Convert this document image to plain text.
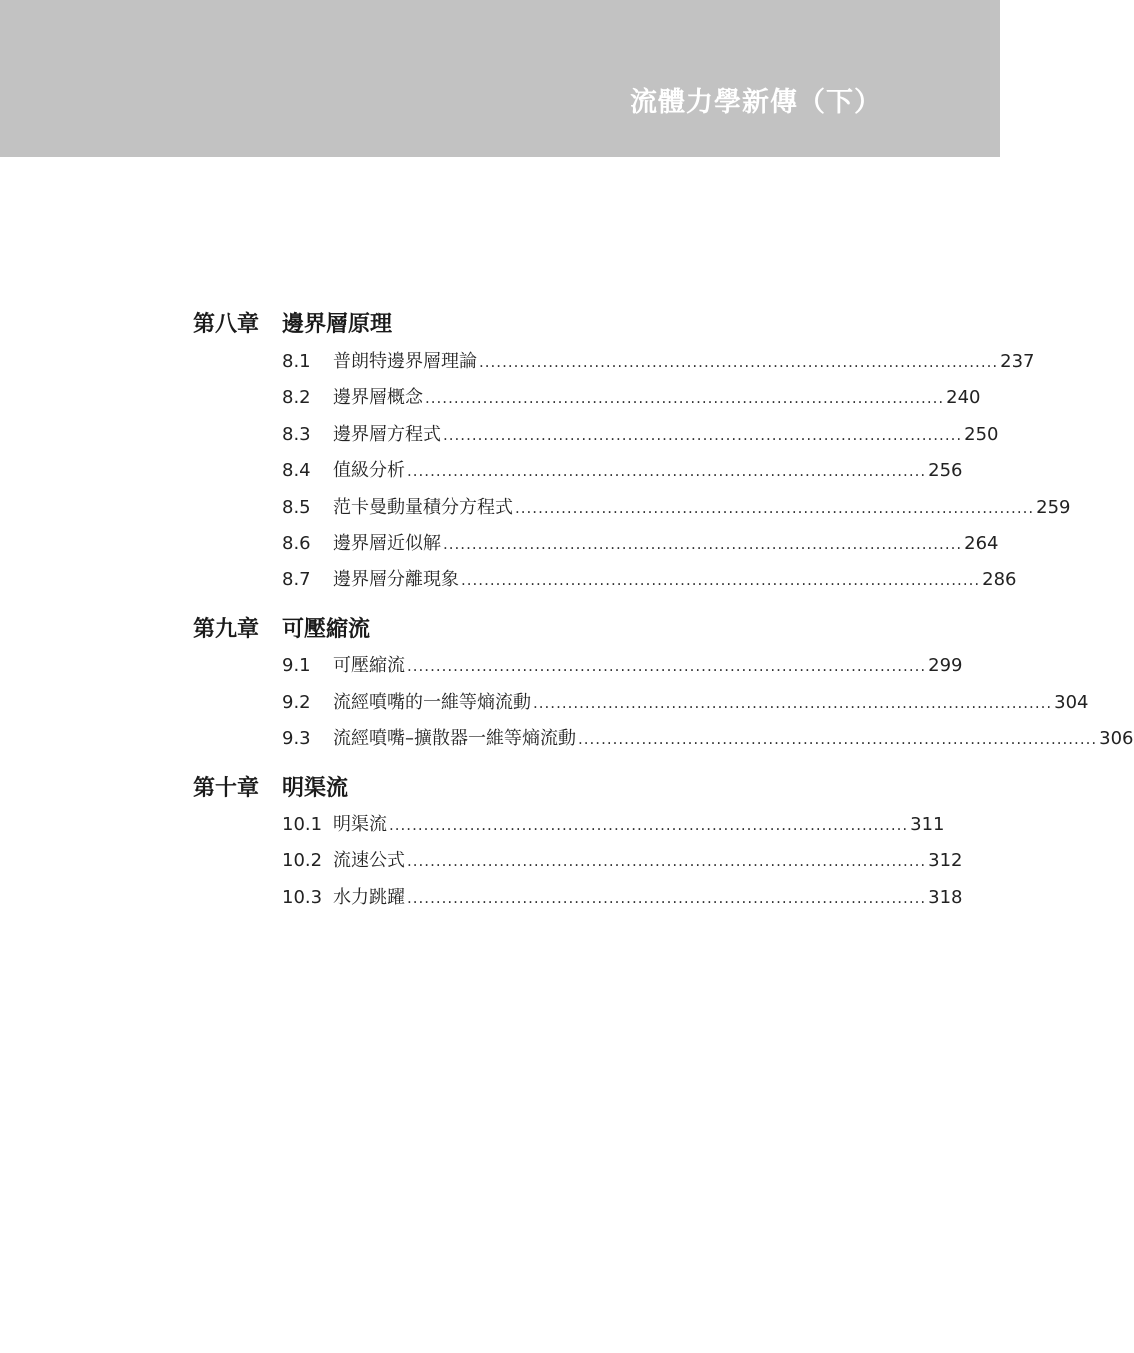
流體力學新傳（下）
第八章 邊界層原理
8.1	普朗特邊界層理論 .......................................................................................... 237
8.2	邊界層概念 .......................................................................................... 240
8.3	邊界層方程式 .......................................................................................... 250
8.4	值級分析 .......................................................................................... 256
8.5	范卡曼動量積分方程式 .......................................................................................... 259
8.6	邊界層近似解 .......................................................................................... 264
8.7	邊界層分離現象 .......................................................................................... 286
第九章 可壓縮流
9.1	可壓縮流 .......................................................................................... 299
9.2	流經噴嘴的一維等熵流動 .......................................................................................... 304
9.3	流經噴嘴–擴散器一維等熵流動 .......................................................................................... 306
第十章 明渠流
10.1 明渠流 .......................................................................................... 311
10.2 流速公式 .......................................................................................... 312
10.3 水力跳躍 .......................................................................................... 318
